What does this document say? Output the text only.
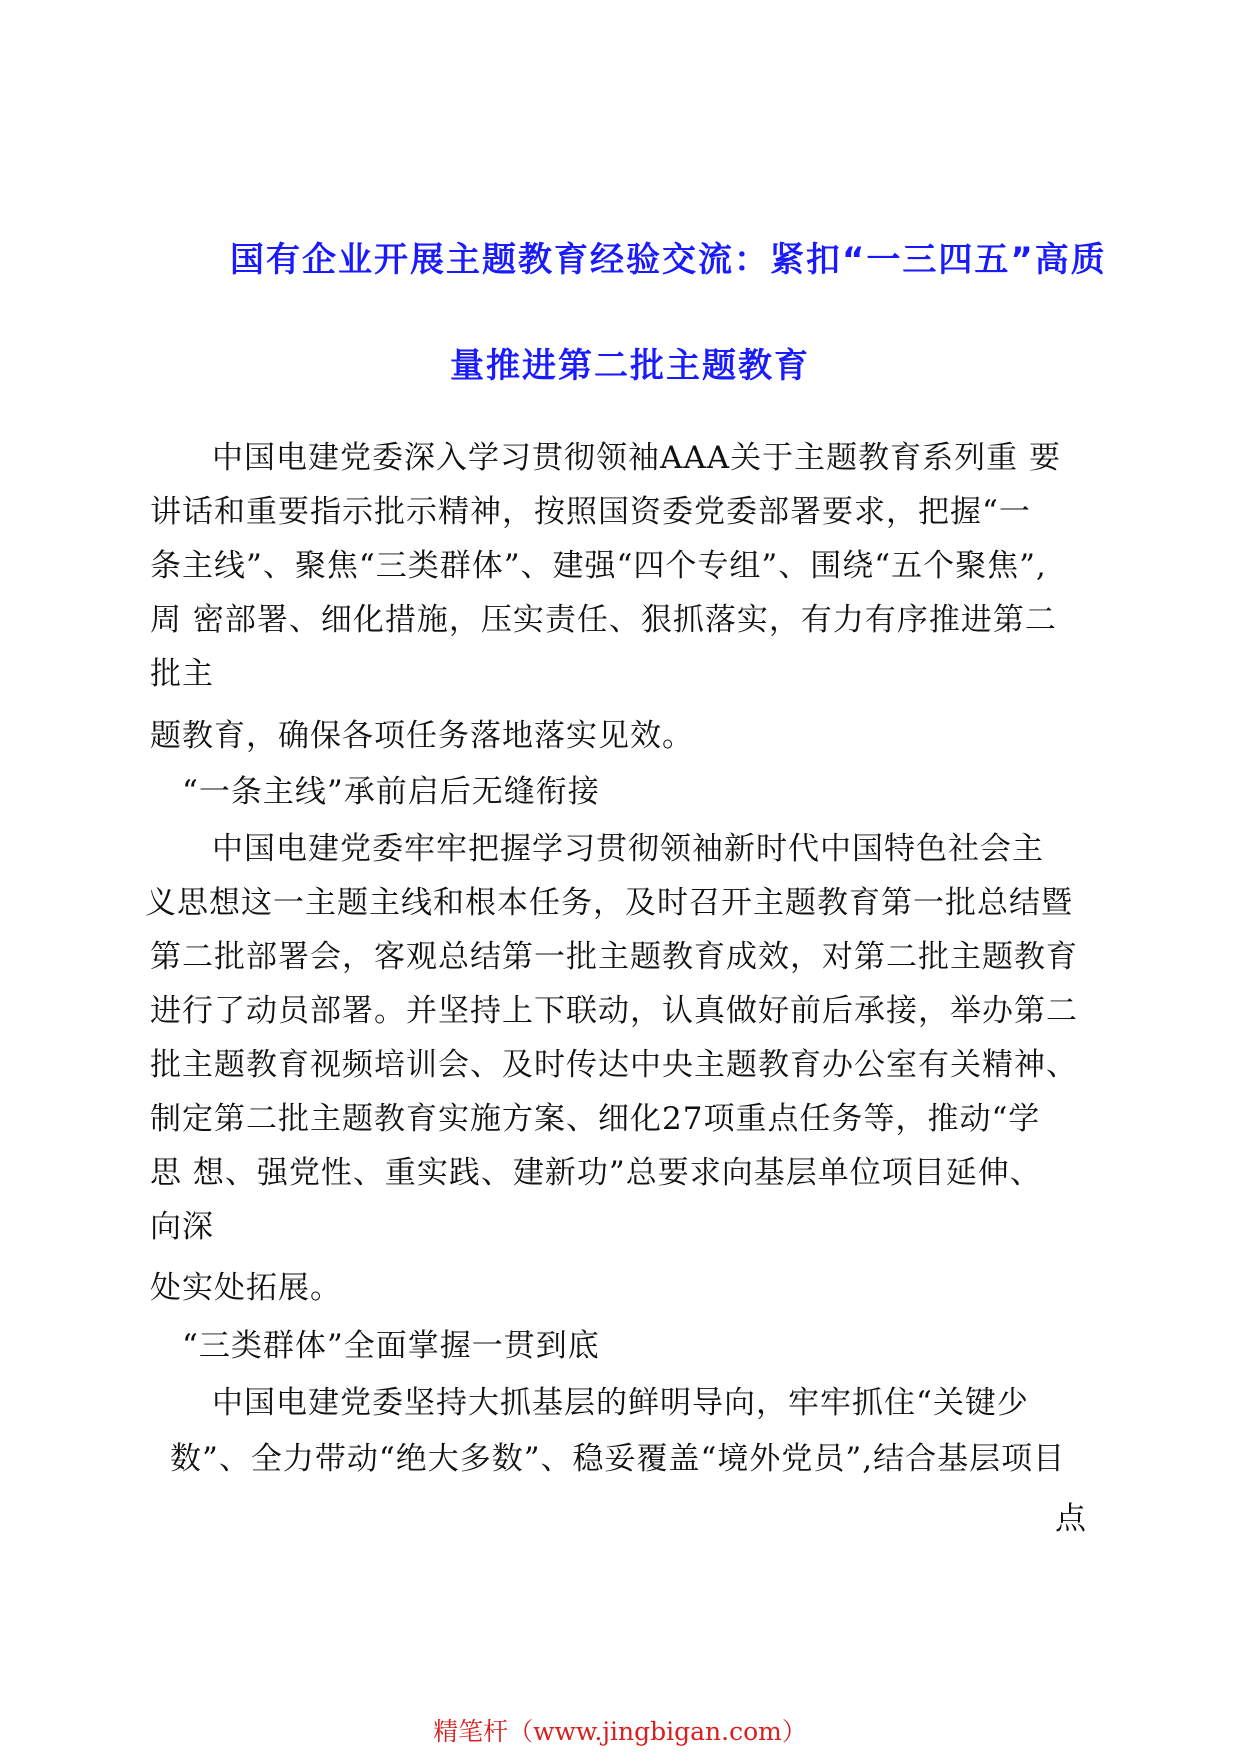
国有企业开展主题教育经验交流：紧扣“一三四五”高质
量推进第二批主题教育
中国电建党委深入学习贯彻领袖AAA关于主题教育系列重 要
讲话和重要指示批示精神，按照国资委党委部署要求，把握“一
条主线”、聚焦“三类群体”、建强“四个专组”、围绕“五个聚焦”,
周 密部署、细化措施，压实责任、狠抓落实，有力有序推进第二
批主
题教育，确保各项任务落地落实见效。
“一条主线”承前启后无缝衔接
中国电建党委牢牢把握学习贯彻领袖新时代中国特色社会主
义思想这一主题主线和根本任务，及时召开主题教育第一批总结暨
第二批部署会，客观总结第一批主题教育成效，对第二批主题教育
进行了动员部署。并坚持上下联动，认真做好前后承接，举办第二
批主题教育视频培训会、及时传达中央主题教育办公室有关精神、
制定第二批主题教育实施方案、细化27项重点任务等，推动“学
思 想、强党性、重实践、建新功”总要求向基层单位项目延伸、
向深
处实处拓展。
“三类群体”全面掌握一贯到底
中国电建党委坚持大抓基层的鲜明导向，牢牢抓住“关键少
数”、全力带动“绝大多数”、稳妥覆盖“境外党员”,结合基层项目
点
精笔杆（www.jingbigan.com）
